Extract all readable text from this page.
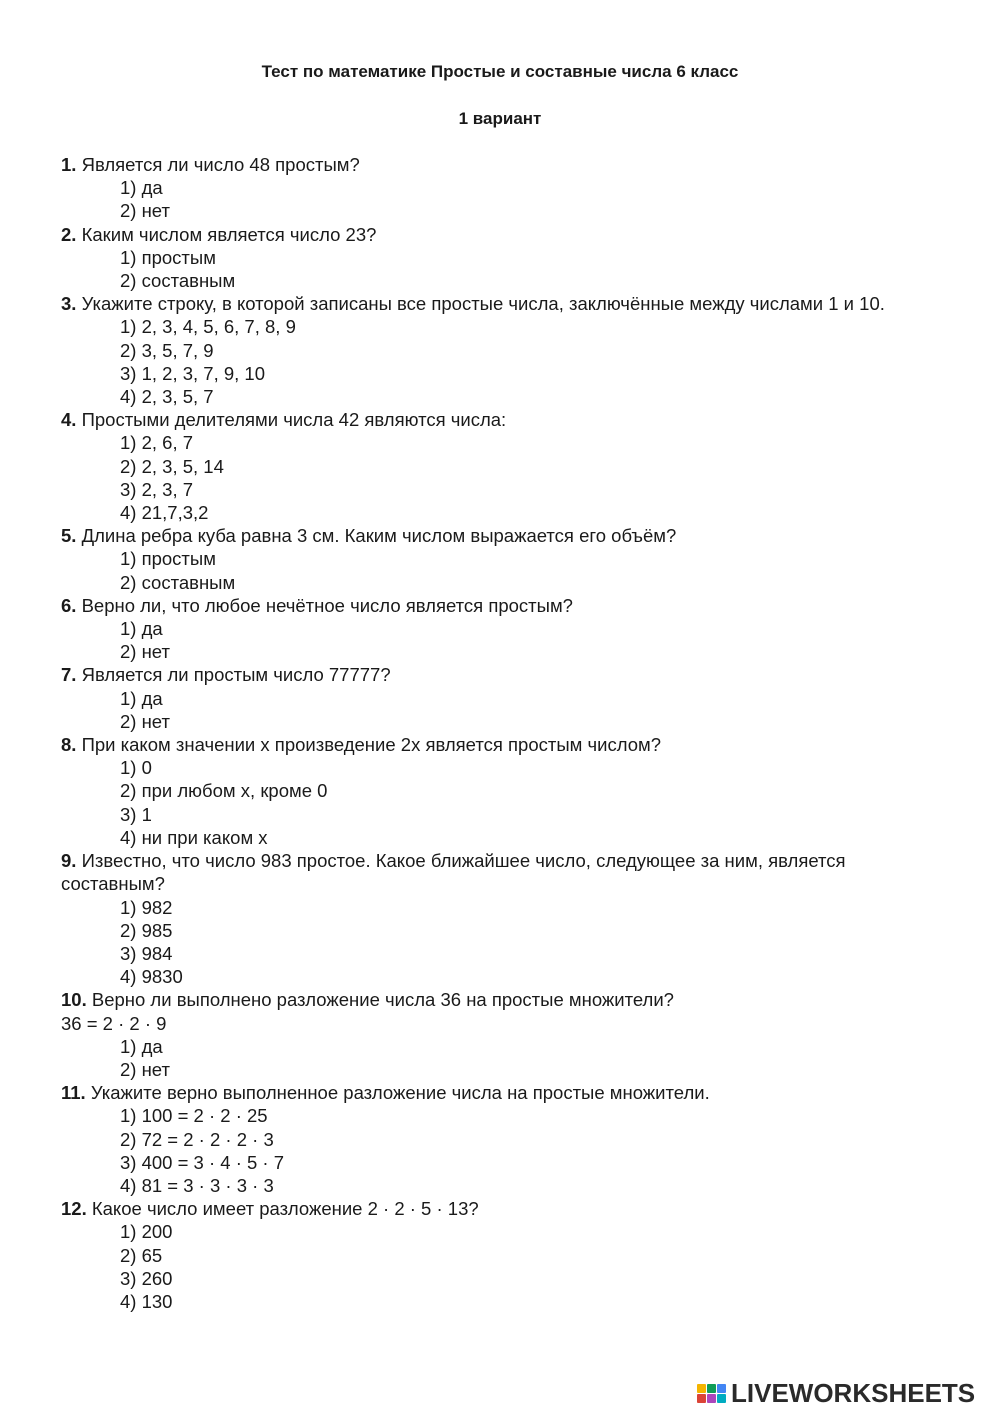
Тест по математике Простые и составные числа 6 класс
1 вариант

1. Является ли число 48 простым?

1) да

2) нет

2. Каким числом является число 23?

1) простым

2) составным

3. Укажите строку, в которой записаны все простые числа, заключённые между числами 1 и 10.

1) 2, 3, 4, 5, 6, 7, 8, 9

2) 3, 5, 7, 9

3) 1, 2, 3, 7, 9, 10

4) 2, 3, 5, 7

4. Простыми делителями числа 42 являются числа:

1) 2, 6, 7

2) 2, 3, 5, 14

3) 2, 3, 7

4) 21,7,3,2

5. Длина ребра куба равна 3 см. Каким числом выражается его объём?

1) простым

2) составным

6. Верно ли, что любое нечётное число является простым?

1) да

2) нет

7. Является ли простым число 77777?

1) да

2) нет

8. При каком значении x произведение 2x является простым числом?

1) 0

2) при любом x, кроме 0

3) 1

4) ни при каком x

9. Известно, что число 983 простое. Какое ближайшее число, следующее за ним, является составным?

1) 982

2) 985

3) 984

4) 9830

10. Верно ли выполнено разложение числа 36 на простые множители?

36 = 2 · 2 · 9

1) да

2) нет

11. Укажите верно выполненное разложение числа на простые множители.

1) 100 = 2 · 2 · 25

2) 72 = 2 · 2 · 2 · 3

3) 400 = 3 · 4 · 5 · 7

4) 81 = 3 · 3 · 3 · 3

12. Какое число имеет разложение 2 · 2 · 5 · 13?

1) 200

2) 65

3) 260

4) 130

LIVEWORKSHEETS
